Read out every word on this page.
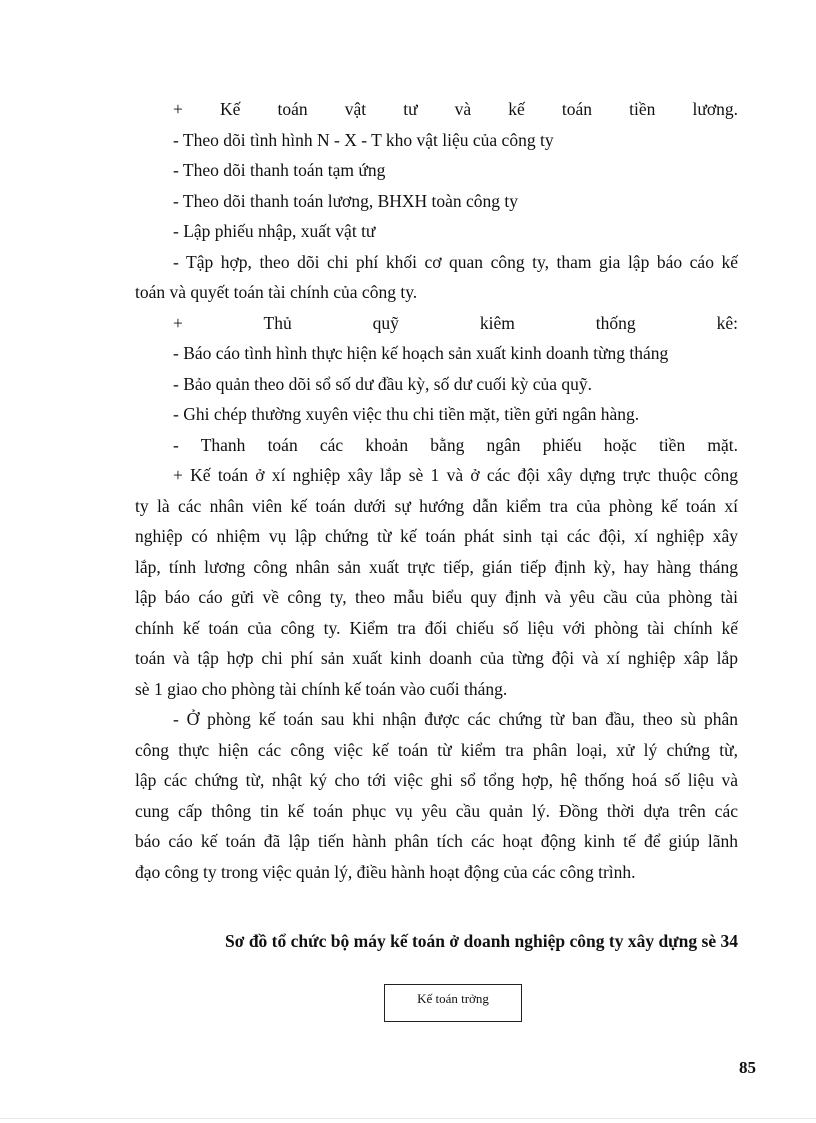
+ Kế toán vật tư và kế toán tiền lương.

- Theo dõi tình hình N - X - T kho vật liệu của công ty

- Theo dõi thanh toán tạm ứng

- Theo dõi thanh toán lương, BHXH toàn công ty

- Lập phiếu nhập, xuất vật tư

- Tập hợp, theo dõi chi phí khối cơ quan công ty, tham gia lập báo cáo kế

toán và quyết toán tài chính của công ty.

+ Thủ quỹ kiêm thống kê:

- Báo cáo tình hình thực hiện kế hoạch sản xuất kinh doanh từng tháng

- Bảo quản theo dõi sổ số dư đầu kỳ, số dư cuối kỳ của quỹ.

- Ghi chép thường xuyên việc thu chi tiền mặt, tiền gửi ngân hàng.

- Thanh toán các khoản bằng ngân phiếu hoặc tiền mặt.

+ Kế toán ở xí nghiệp xây lắp sè 1 và ở các đội xây dựng trực thuộc công

ty là các nhân viên kế toán dưới sự hướng dẫn kiểm tra của phòng kế toán xí

nghiệp có nhiệm vụ lập chứng từ kế toán phát sinh tại các đội, xí nghiệp xây

lắp, tính lương công nhân sản xuất trực tiếp, gián tiếp định kỳ, hay hàng tháng

lập báo cáo gửi về công ty, theo mẫu biểu quy định và yêu cầu của phòng tài

chính kế toán của công ty. Kiểm tra đối chiếu số liệu với phòng tài chính kế

toán và tập hợp chi phí sản xuất kinh doanh của từng đội và xí nghiệp xâp lắp

sè 1 giao cho phòng tài chính kế toán vào cuối tháng.

- Ở phòng kế toán sau khi nhận được các chứng từ ban đầu, theo sù phân

công thực hiện các công việc kế toán từ kiểm tra phân loại, xử lý chứng từ,

lập các chứng từ, nhật ký cho tới việc ghi sổ tổng hợp, hệ thống hoá số liệu và

cung cấp thông tin kế toán phục vụ yêu cầu quản lý. Đồng thời dựa trên các

báo cáo kế toán đã lập tiến hành phân tích các hoạt động kinh tế để giúp lãnh

đạo công ty trong việc quản lý, điều hành hoạt động của các công trình.

Sơ đồ tổ chức bộ máy kế toán ở doanh nghiệp công ty xây dựng sè 34
Kế toán trởng
85
